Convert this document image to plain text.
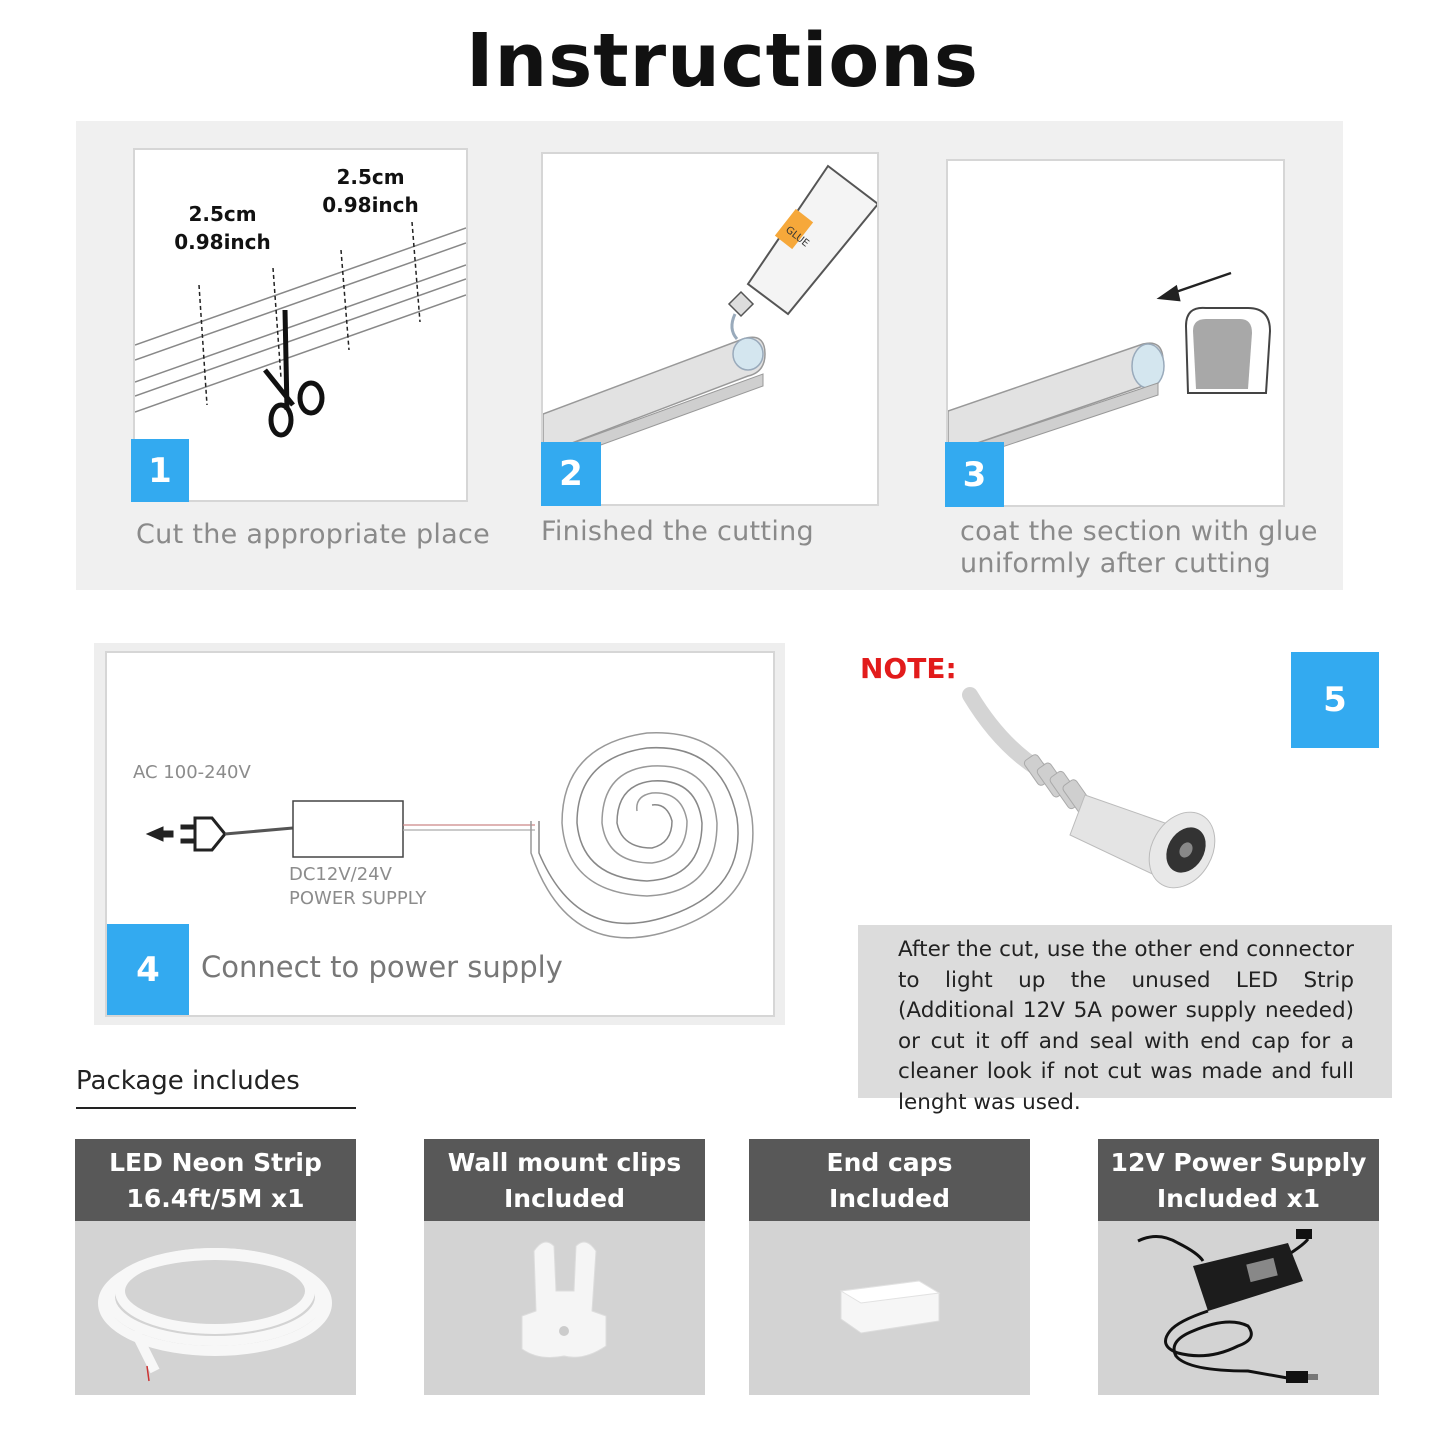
Instructions
2.5cm
0.98inch
2.5cm
0.98inch
1
Cut the appropriate place
GLUE
2
Finished the cutting
3
coat the section with glue
uniformly after cutting
AC 100-240V
DC12V/24V
POWER SUPPLY
4	Connect to power supply
NOTE:
5
After the cut, use the other end connector to light up the unused LED Strip (Additional 12V 5A power supply needed) or cut it off and seal with end cap for a cleaner look if not cut was made and full lenght was used.
Package includes
LED Neon Strip
16.4ft/5M x1
Wall mount clips
Included
End caps
Included
12V Power Supply
Included x1
